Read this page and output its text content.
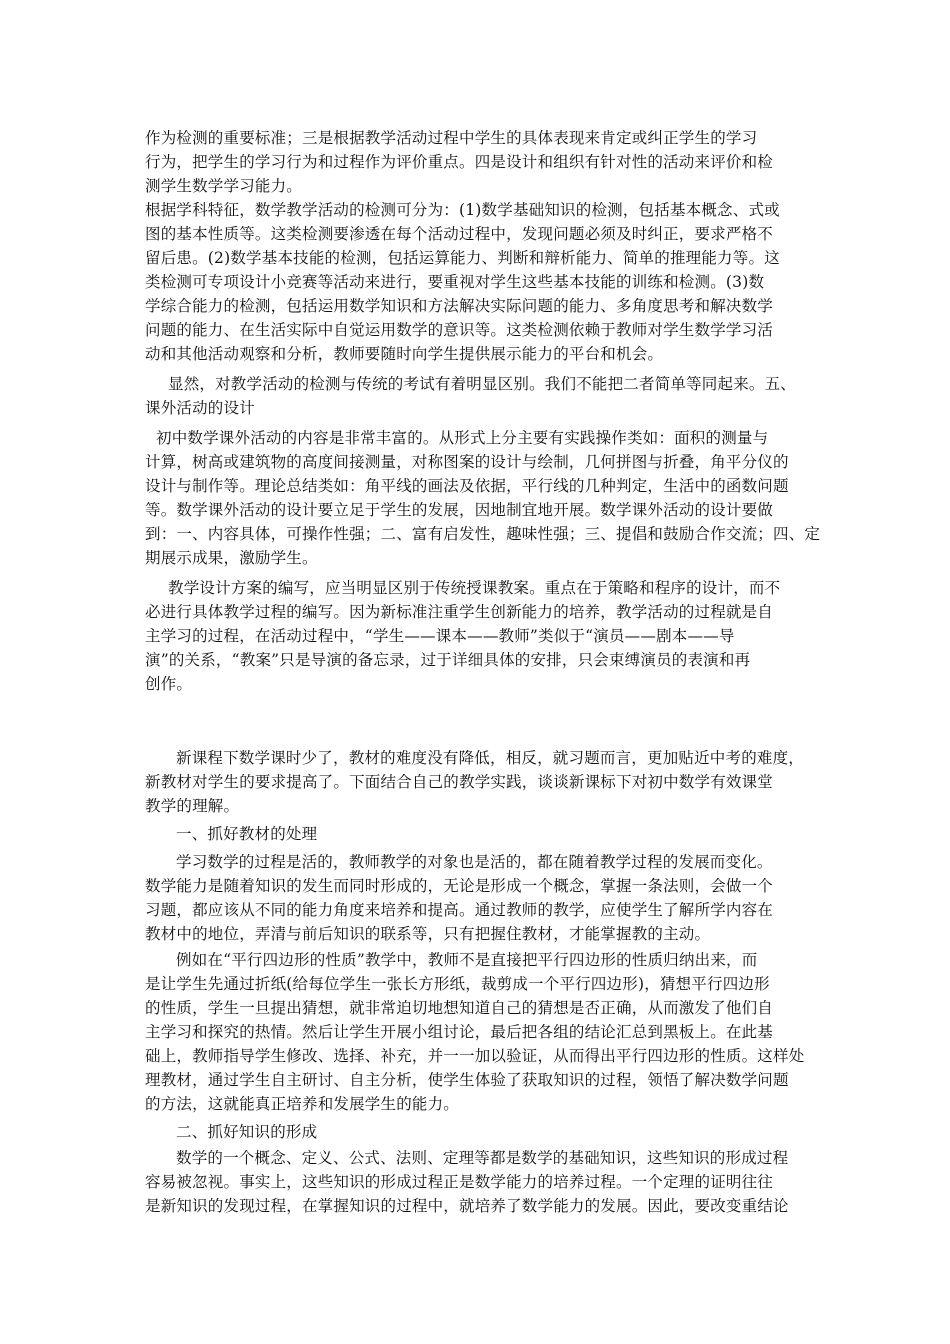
作为检测的重要标准；三是根据教学活动过程中学生的具体表现来肯定或纠正学生的学习
行为，把学生的学习行为和过程作为评价重点。四是设计和组织有针对性的活动来评价和检
测学生数学学习能力。
根据学科特征，数学教学活动的检测可分为：(1)数学基础知识的检测，包括基本概念、式或
图的基本性质等。这类检测要渗透在每个活动过程中，发现问题必须及时纠正，要求严格不
留后患。(2)数学基本技能的检测，包括运算能力、判断和辩析能力、简单的推理能力等。这
类检测可专项设计小竞赛等活动来进行，要重视对学生这些基本技能的训练和检测。(3)数
学综合能力的检测，包括运用数学知识和方法解决实际问题的能力、多角度思考和解决数学
问题的能力、在生活实际中自觉运用数学的意识等。这类检测依赖于教师对学生数学学习活
动和其他活动观察和分析，教师要随时向学生提供展示能力的平台和机会。
显然，对教学活动的检测与传统的考试有着明显区别。我们不能把二者简单等同起来。五、
课外活动的设计
初中数学课外活动的内容是非常丰富的。从形式上分主要有实践操作类如：面积的测量与
计算，树高或建筑物的高度间接测量，对称图案的设计与绘制，几何拼图与折叠，角平分仪的
设计与制作等。理论总结类如：角平线的画法及依据，平行线的几种判定，生活中的函数问题
等。数学课外活动的设计要立足于学生的发展，因地制宜地开展。数学课外活动的设计要做
到：一、内容具体，可操作性强；二、富有启发性，趣味性强；三、提倡和鼓励合作交流；四、定
期展示成果，激励学生。
教学设计方案的编写，应当明显区别于传统授课教案。重点在于策略和程序的设计，而不
必进行具体教学过程的编写。因为新标准注重学生创新能力的培养，教学活动的过程就是自
主学习的过程，在活动过程中，“学生——课本——教师”类似于“演员——剧本——导
演”的关系，“教案”只是导演的备忘录，过于详细具体的安排，只会束缚演员的表演和再
创作。
新课程下数学课时少了，教材的难度没有降低，相反，就习题而言，更加贴近中考的难度，
新教材对学生的要求提高了。下面结合自己的教学实践，谈谈新课标下对初中数学有效课堂
教学的理解。
一、抓好教材的处理
学习数学的过程是活的，教师教学的对象也是活的，都在随着教学过程的发展而变化。
数学能力是随着知识的发生而同时形成的，无论是形成一个概念，掌握一条法则，会做一个
习题，都应该从不同的能力角度来培养和提高。通过教师的教学，应使学生了解所学内容在
教材中的地位，弄清与前后知识的联系等，只有把握住教材，才能掌握教的主动。
例如在“平行四边形的性质”教学中，教师不是直接把平行四边形的性质归纳出来，而
是让学生先通过折纸(给每位学生一张长方形纸，裁剪成一个平行四边形)，猜想平行四边形
的性质，学生一旦提出猜想，就非常迫切地想知道自己的猜想是否正确，从而激发了他们自
主学习和探究的热情。然后让学生开展小组讨论，最后把各组的结论汇总到黑板上。在此基
础上，教师指导学生修改、选择、补充，并一一加以验证，从而得出平行四边形的性质。这样处
理教材，通过学生自主研讨、自主分析，使学生体验了获取知识的过程，领悟了解决数学问题
的方法，这就能真正培养和发展学生的能力。
二、抓好知识的形成
数学的一个概念、定义、公式、法则、定理等都是数学的基础知识，这些知识的形成过程
容易被忽视。事实上，这些知识的形成过程正是数学能力的培养过程。一个定理的证明往往
是新知识的发现过程，在掌握知识的过程中，就培养了数学能力的发展。因此，要改变重结论
